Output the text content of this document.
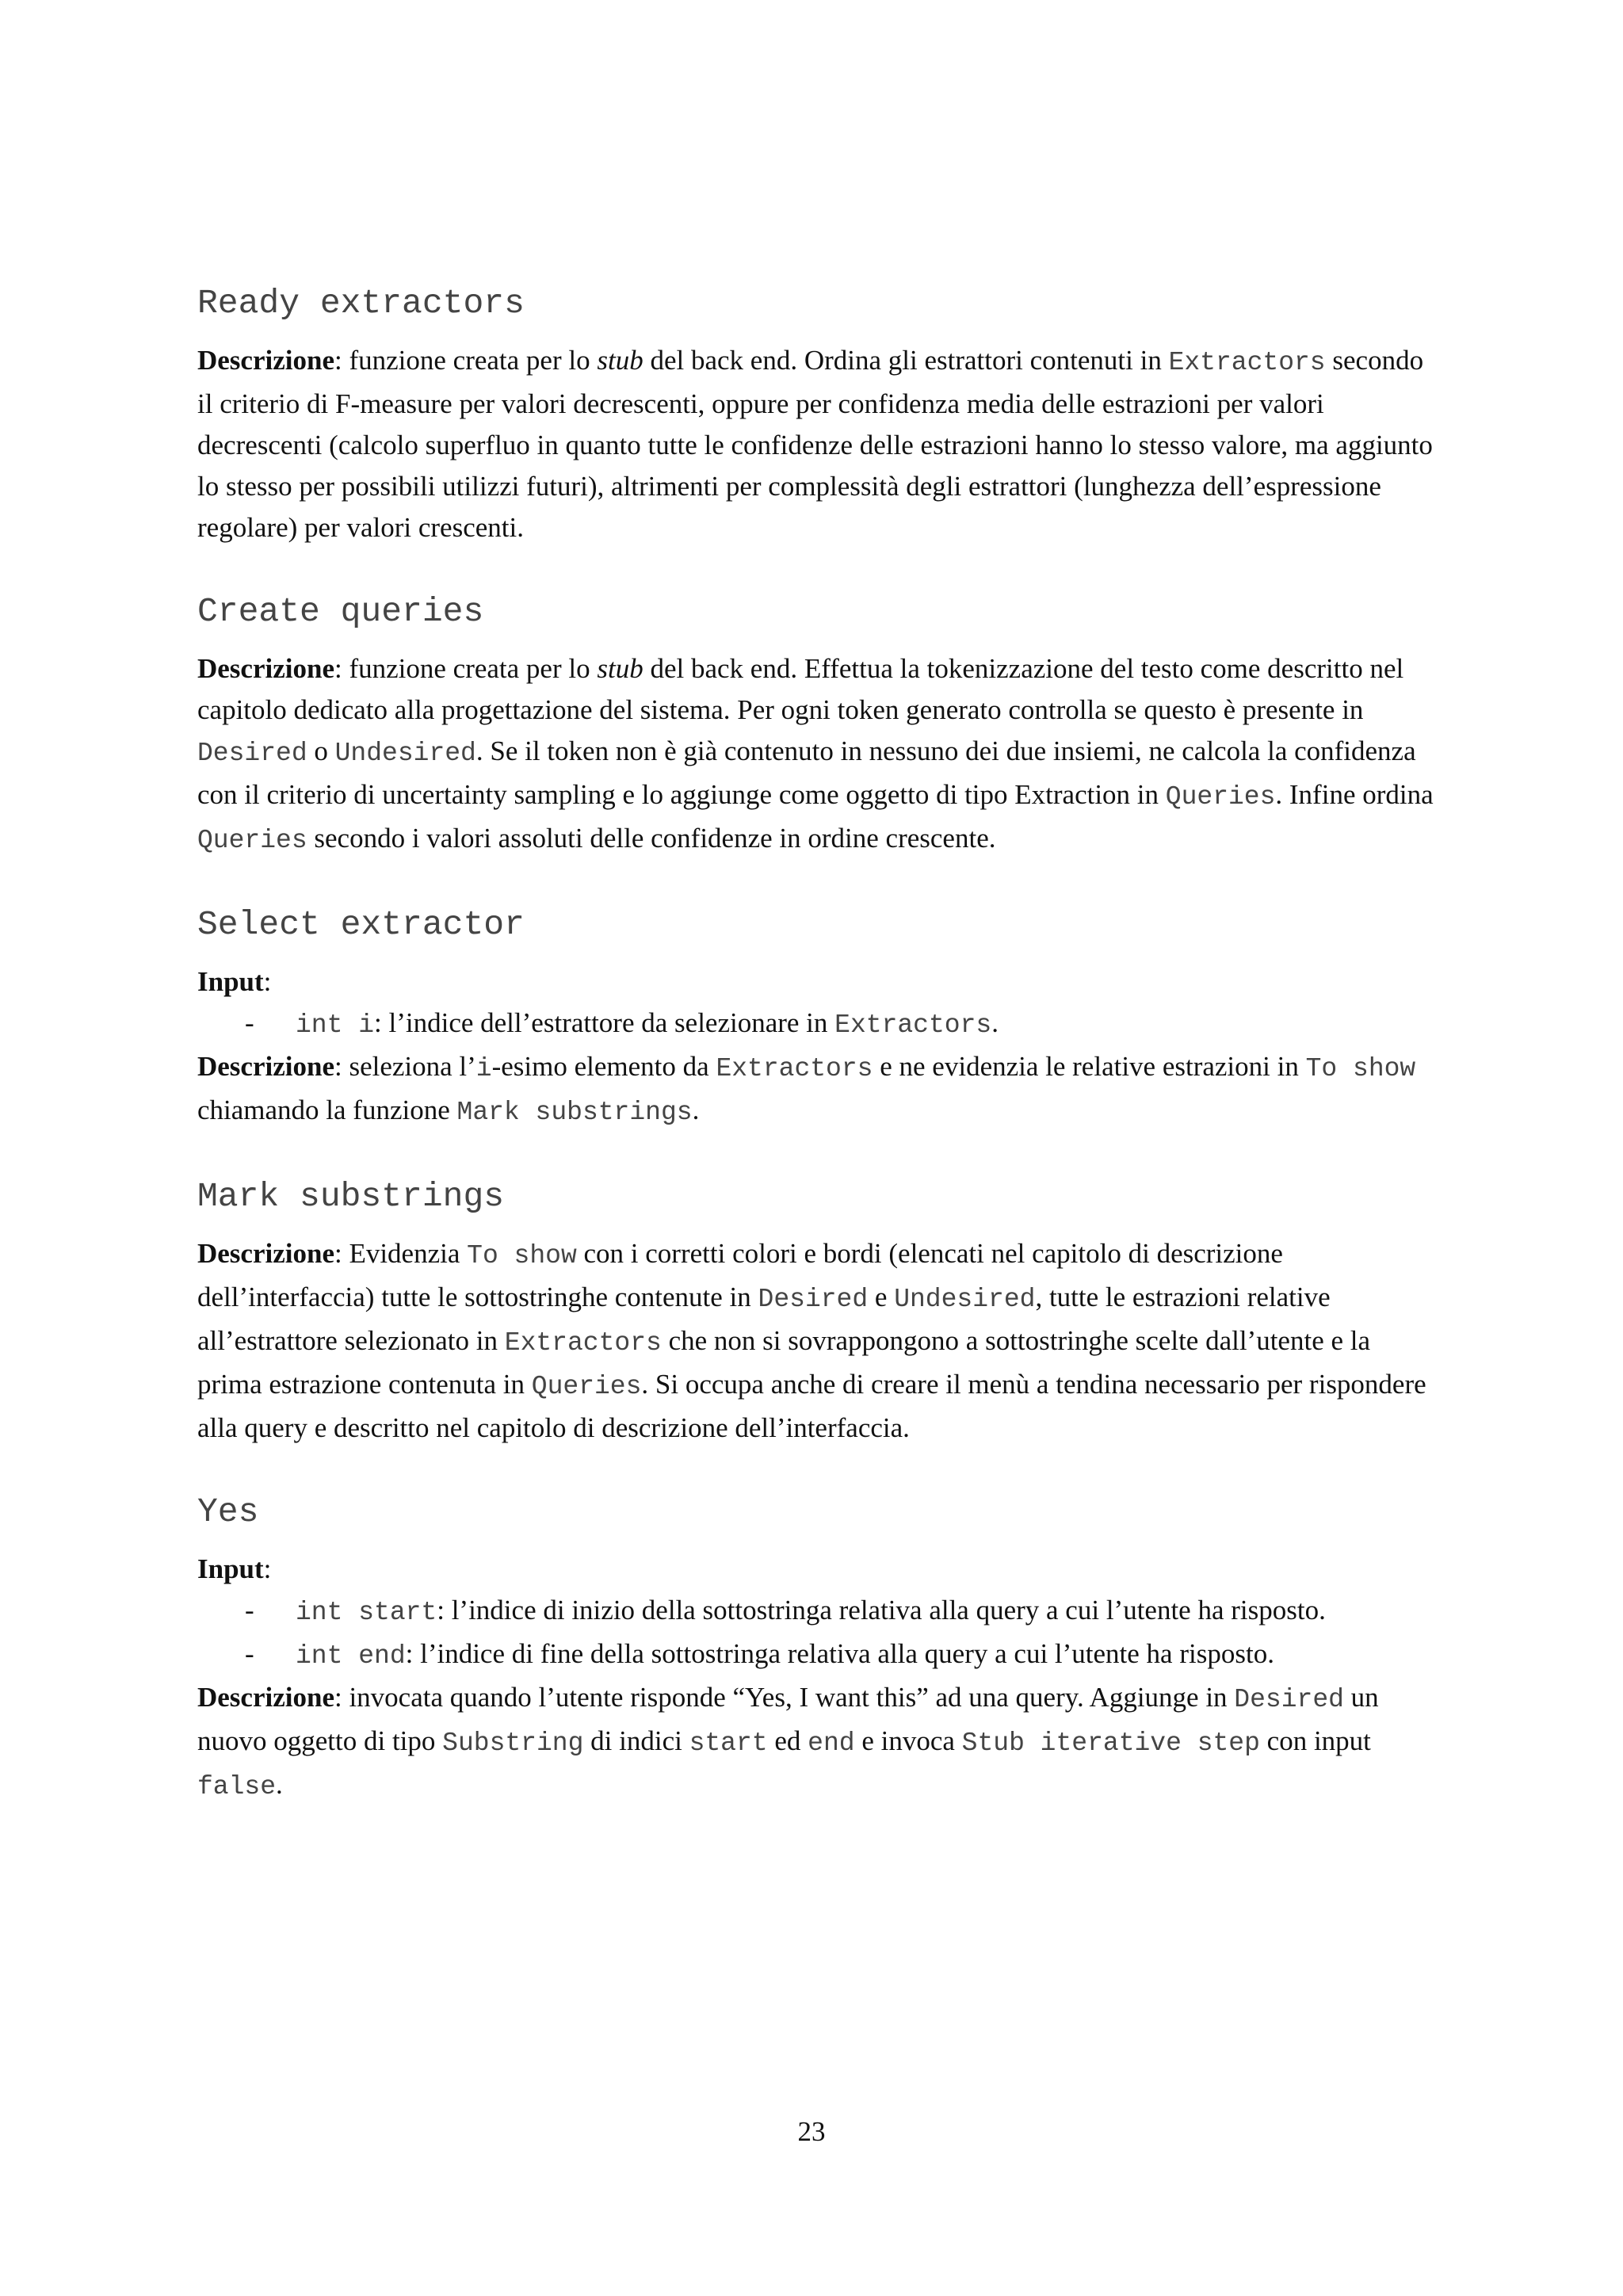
Ready extractors

Descrizione: funzione creata per lo stub del back end. Ordina gli estrattori contenuti in Extractors secondo il criterio di F-measure per valori decrescenti, oppure per confidenza media delle estrazioni per valori decrescenti (calcolo superfluo in quanto tutte le confidenze delle estrazioni hanno lo stesso valore, ma aggiunto lo stesso per possibili utilizzi futuri), altrimenti per complessità degli estrattori (lunghezza dell’espressione regolare) per valori crescenti.

Create queries

Descrizione: funzione creata per lo stub del back end. Effettua la tokenizzazione del testo come descritto nel capitolo dedicato alla progettazione del sistema. Per ogni token generato controlla se questo è presente in Desired o Undesired. Se il token non è già contenuto in nessuno dei due insiemi, ne calcola la confidenza con il criterio di uncertainty sampling e lo aggiunge come oggetto di tipo Extraction in Queries. Infine ordina Queries secondo i valori assoluti delle confidenze in ordine crescente.

Select extractor

Input:

- int i: l’indice dell’estrattore da selezionare in Extractors.

Descrizione: seleziona l’i-esimo elemento da Extractors e ne evidenzia le relative estrazioni in To show chiamando la funzione Mark substrings.

Mark substrings

Descrizione: Evidenzia To show con i corretti colori e bordi (elencati nel capitolo di descrizione dell’interfaccia) tutte le sottostringhe contenute in Desired e Undesired, tutte le estrazioni relative all’estrattore selezionato in Extractors che non si sovrappongono a sottostringhe scelte dall’utente e la prima estrazione contenuta in Queries. Si occupa anche di creare il menù a tendina necessario per rispondere alla query e descritto nel capitolo di descrizione dell’interfaccia.

Yes

Input:

- int start: l’indice di inizio della sottostringa relativa alla query a cui l’utente ha risposto.
- int end: l’indice di fine della sottostringa relativa alla query a cui l’utente ha risposto.

Descrizione: invocata quando l’utente risponde “Yes, I want this” ad una query. Aggiunge in Desired un nuovo oggetto di tipo Substring di indici start ed end e invoca Stub iterative step con input false.

23
